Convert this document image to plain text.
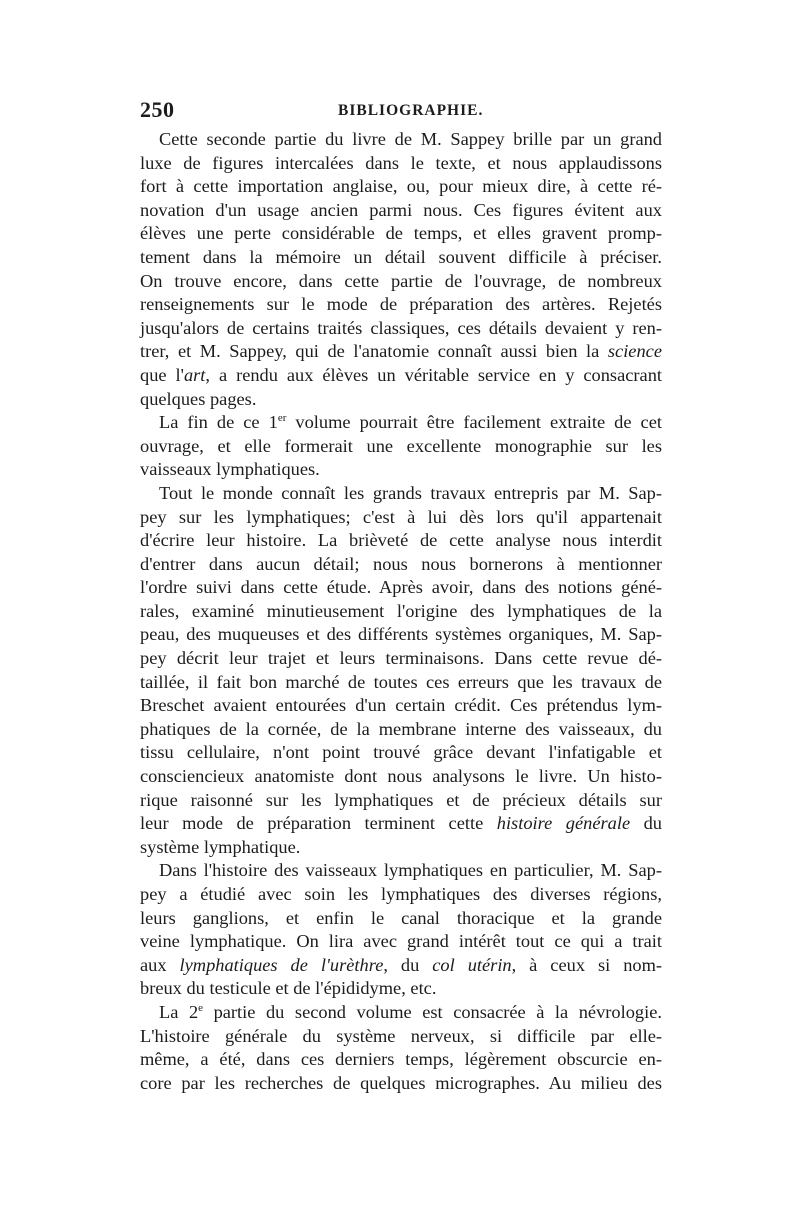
250	BIBLIOGRAPHIE.
Cette seconde partie du livre de M. Sappey brille par un grand
luxe de figures intercalées dans le texte, et nous applaudissons
fort à cette importation anglaise, ou, pour mieux dire, à cette ré-
novation d'un usage ancien parmi nous. Ces figures évitent aux
élèves une perte considérable de temps, et elles gravent promp-
tement dans la mémoire un détail souvent difficile à préciser.
On trouve encore, dans cette partie de l'ouvrage, de nombreux
renseignements sur le mode de préparation des artères. Rejetés
jusqu'alors de certains traités classiques, ces détails devaient y ren-
trer, et M. Sappey, qui de l'anatomie connaît aussi bien la science
que l'art, a rendu aux élèves un véritable service en y consacrant
quelques pages.
La fin de ce 1er volume pourrait être facilement extraite de cet
ouvrage, et elle formerait une excellente monographie sur les
vaisseaux lymphatiques.
Tout le monde connaît les grands travaux entrepris par M. Sap-
pey sur les lymphatiques; c'est à lui dès lors qu'il appartenait
d'écrire leur histoire. La brièveté de cette analyse nous interdit
d'entrer dans aucun détail; nous nous bornerons à mentionner
l'ordre suivi dans cette étude. Après avoir, dans des notions géné-
rales, examiné minutieusement l'origine des lymphatiques de la
peau, des muqueuses et des différents systèmes organiques, M. Sap-
pey décrit leur trajet et leurs terminaisons. Dans cette revue dé-
taillée, il fait bon marché de toutes ces erreurs que les travaux de
Breschet avaient entourées d'un certain crédit. Ces prétendus lym-
phatiques de la cornée, de la membrane interne des vaisseaux, du
tissu cellulaire, n'ont point trouvé grâce devant l'infatigable et
consciencieux anatomiste dont nous analysons le livre. Un histo-
rique raisonné sur les lymphatiques et de précieux détails sur
leur mode de préparation terminent cette histoire générale du
système lymphatique.
Dans l'histoire des vaisseaux lymphatiques en particulier, M. Sap-
pey a étudié avec soin les lymphatiques des diverses régions,
leurs ganglions, et enfin le canal thoracique et la grande
veine lymphatique. On lira avec grand intérêt tout ce qui a trait
aux lymphatiques de l'urèthre, du col utérin, à ceux si nom-
breux du testicule et de l'épididyme, etc.
La 2e partie du second volume est consacrée à la névrologie.
L'histoire générale du système nerveux, si difficile par elle-
même, a été, dans ces derniers temps, légèrement obscurcie en-
core par les recherches de quelques micrographes. Au milieu des
